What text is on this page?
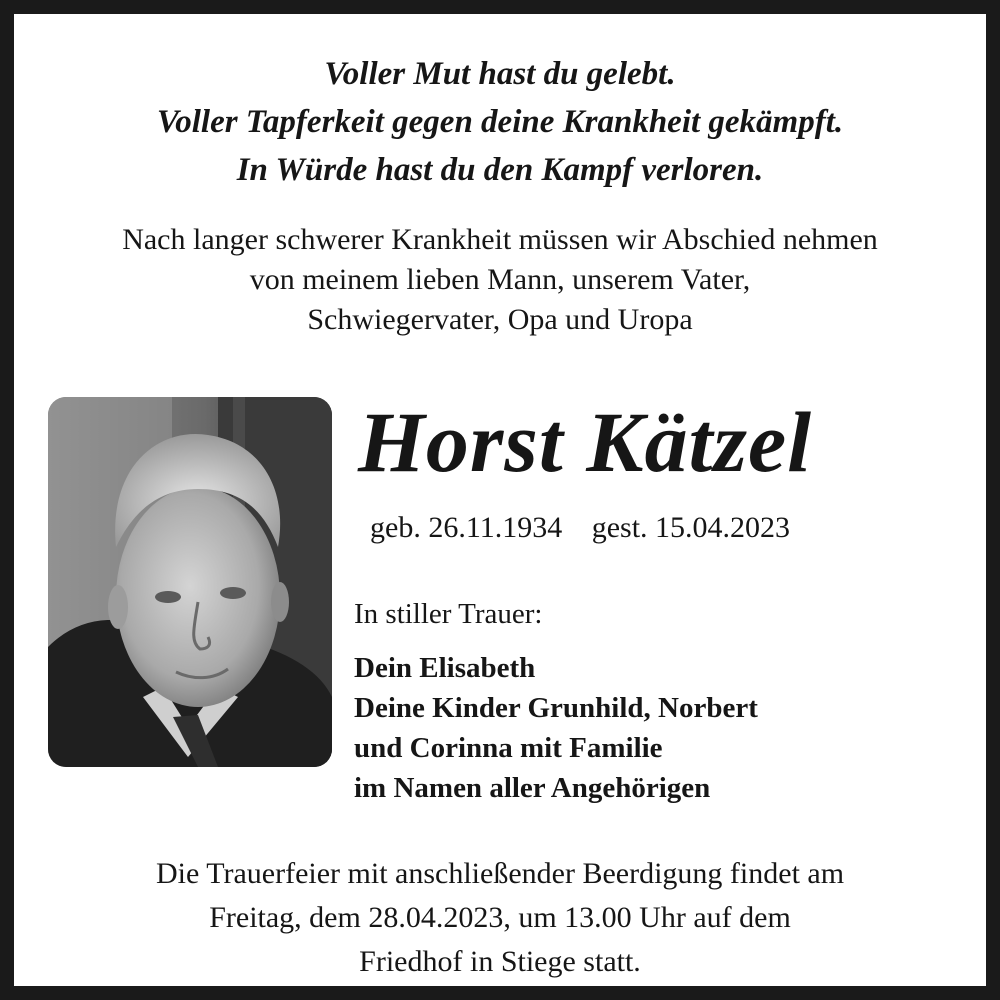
Voller Mut hast du gelebt.
Voller Tapferkeit gegen deine Krankheit gekämpft.
In Würde hast du den Kampf verloren.
Nach langer schwerer Krankheit müssen wir Abschied nehmen
von meinem lieben Mann, unserem Vater,
Schwiegervater, Opa und Uropa
Horst Kätzel
geb. 26.11.1934 gest. 15.04.2023
In stiller Trauer:
Dein Elisabeth
Deine Kinder Grunhild, Norbert
und Corinna mit Familie
im Namen aller Angehörigen
Die Trauerfeier mit anschließender Beerdigung findet am
Freitag, dem 28.04.2023, um 13.00 Uhr auf dem
Friedhof in Stiege statt.
